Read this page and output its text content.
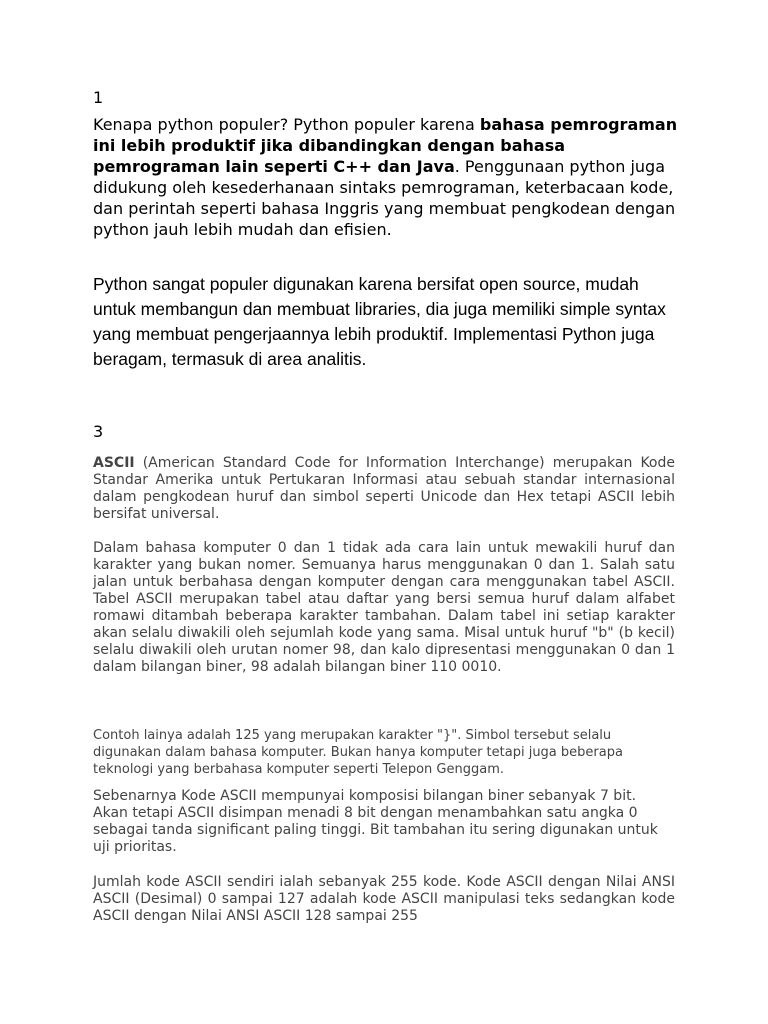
1

Kenapa python populer? Python populer karena bahasa pemrograman ini lebih produktif jika dibandingkan dengan bahasa pemrograman lain seperti C++ dan Java. Penggunaan python juga didukung oleh kesederhanaan sintaks pemrograman, keterbacaan kode, dan perintah seperti bahasa Inggris yang membuat pengkodean dengan python jauh lebih mudah dan efisien.

Python sangat populer digunakan karena bersifat open source, mudah untuk membangun dan membuat libraries, dia juga memiliki simple syntax yang membuat pengerjaannya lebih produktif. Implementasi Python juga beragam, termasuk di area analitis.

3

ASCII (American Standard Code for Information Interchange) merupakan Kode Standar Amerika untuk Pertukaran Informasi atau sebuah standar internasional dalam pengkodean huruf dan simbol seperti Unicode dan Hex tetapi ASCII lebih bersifat universal.

Dalam bahasa komputer 0 dan 1 tidak ada cara lain untuk mewakili huruf dan karakter yang bukan nomer. Semuanya harus menggunakan 0 dan 1. Salah satu jalan untuk berbahasa dengan komputer dengan cara menggunakan tabel ASCII. Tabel ASCII merupakan tabel atau daftar yang bersi semua huruf dalam alfabet romawi ditambah beberapa karakter tambahan. Dalam tabel ini setiap karakter akan selalu diwakili oleh sejumlah kode yang sama. Misal untuk huruf "b" (b kecil) selalu diwakili oleh urutan nomer 98, dan kalo dipresentasi menggunakan 0 dan 1 dalam bilangan biner, 98 adalah bilangan biner 110 0010.

Contoh lainya adalah 125 yang merupakan karakter "}". Simbol tersebut selalu digunakan dalam bahasa komputer. Bukan hanya komputer tetapi juga beberapa teknologi yang berbahasa komputer seperti Telepon Genggam.

Sebenarnya Kode ASCII mempunyai komposisi bilangan biner sebanyak 7 bit. Akan tetapi ASCII disimpan menadi 8 bit dengan menambahkan satu angka 0 sebagai tanda significant paling tinggi. Bit tambahan itu sering digunakan untuk uji prioritas.

Jumlah kode ASCII sendiri ialah sebanyak 255 kode. Kode ASCII dengan Nilai ANSI ASCII (Desimal) 0 sampai 127 adalah kode ASCII manipulasi teks sedangkan kode ASCII dengan Nilai ANSI ASCII 128 sampai 255
